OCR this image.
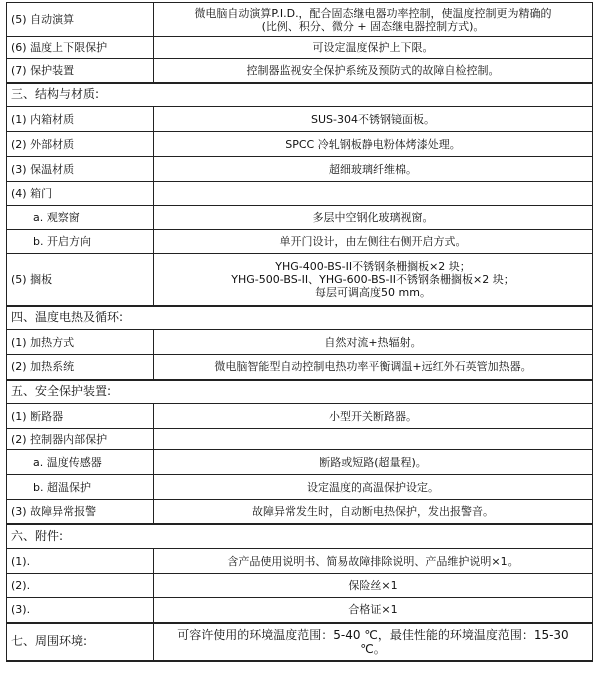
(5) 自动演算	微电脑自动演算P.I.D.，配合固态继电器功率控制，使温度控制更为精确的
(比例、积分、微分 + 固态继电器控制方式)。
(6) 温度上下限保护	可设定温度保护上下限。
(7) 保护装置	控制器监视安全保护系统及预防式的故障自检控制。
三、结构与材质:	
(1) 内箱材质	SUS-304不锈钢镜面板。
(2) 外部材质	SPCC 冷轧钢板静电粉体烤漆处理。
(3) 保温材质	超细玻璃纤维棉。
(4) 箱门	
a. 观察窗	多层中空钢化玻璃视窗。
b. 开启方向	单开门设计，由左侧往右侧开启方式。
(5) 搁板	YHG-400-BS-II不锈钢条栅搁板×2 块；
YHG-500-BS-II、YHG-600-BS-II不锈钢条栅搁板×2 块；
每层可调高度50 mm。
四、温度电热及循环:	
(1) 加热方式	自然对流+热辐射。
(2) 加热系统	微电脑智能型自动控制电热功率平衡调温+远红外石英管加热器。
五、安全保护装置:	
(1) 断路器	小型开关断路器。
(2) 控制器内部保护	
a. 温度传感器	断路或短路(超量程)。
b. 超温保护	设定温度的高温保护设定。
(3) 故障异常报警	故障异常发生时，自动断电热保护，发出报警音。
六、附件:	
(1).	含产品使用说明书、简易故障排除说明、产品维护说明×1。
(2).	保险丝×1
(3).	合格证×1
七、周围环境:	可容许使用的环境温度范围：5-40 ℃，最佳性能的环境温度范围：15-30
℃。
